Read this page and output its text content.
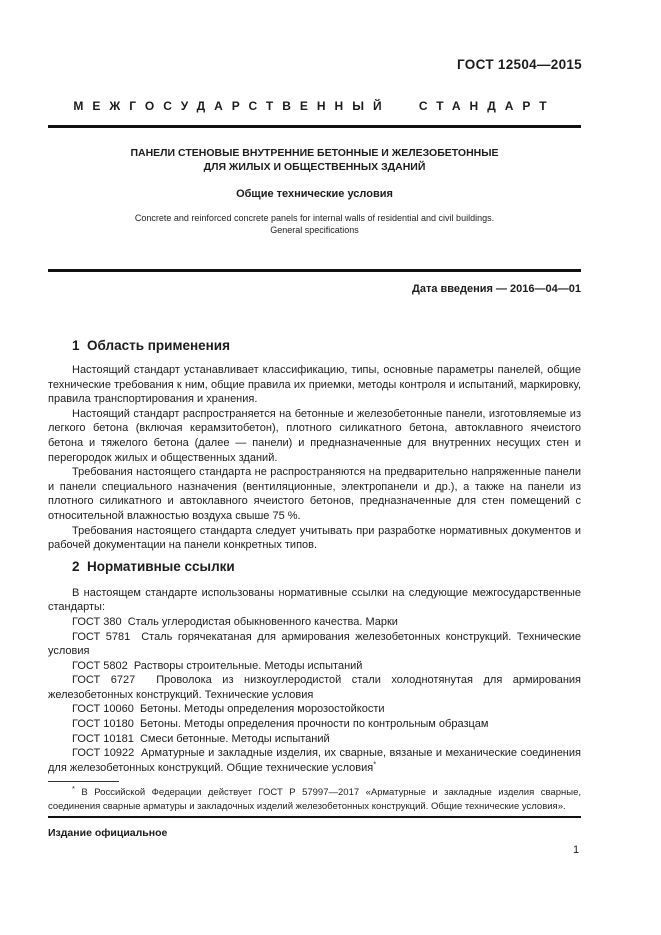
ГОСТ 12504—2015
МЕЖГОСУДАРСТВЕННЫЙ СТАНДАРТ
ПАНЕЛИ СТЕНОВЫЕ ВНУТРЕННИЕ БЕТОННЫЕ И ЖЕЛЕЗОБЕТОННЫЕ
ДЛЯ ЖИЛЫХ И ОБЩЕСТВЕННЫХ ЗДАНИЙ
Общие технические условия
Concrete and reinforced concrete panels for internal walls of residential and civil buildings.
General specifications
Дата введения — 2016—04—01
1  Область применения

Настоящий стандарт устанавливает классификацию, типы, основные параметры панелей, общие технические требования к ним, общие правила их приемки, методы контроля и испытаний, маркировку, правила транспортирования и хранения.

Настоящий стандарт распространяется на бетонные и железобетонные панели, изготовляемые из легкого бетона (включая керамзитобетон), плотного силикатного бетона, автоклавного ячеистого бетона и тяжелого бетона (далее — панели) и предназначенные для внутренних несущих стен и перегородок жилых и общественных зданий.

Требования настоящего стандарта не распространяются на предварительно напряженные панели и панели специального назначения (вентиляционные, электропанели и др.), а также на панели из плотного силикатного и автоклавного ячеистого бетонов, предназначенные для стен помещений с относительной влажностью воздуха свыше 75 %.

Требования настоящего стандарта следует учитывать при разработке нормативных документов и рабочей документации на панели конкретных типов.

2  Нормативные ссылки

В настоящем стандарте использованы нормативные ссылки на следующие межгосударственные стандарты:

ГОСТ 380  Сталь углеродистая обыкновенного качества. Марки

ГОСТ 5781  Сталь горячекатаная для армирования железобетонных конструкций. Технические условия

ГОСТ 5802  Растворы строительные. Методы испытаний

ГОСТ 6727  Проволока из низкоуглеродистой стали холоднотянутая для армирования железобетонных конструкций. Технические условия

ГОСТ 10060  Бетоны. Методы определения морозостойкости

ГОСТ 10180  Бетоны. Методы определения прочности по контрольным образцам

ГОСТ 10181  Смеси бетонные. Методы испытаний

ГОСТ 10922  Арматурные и закладные изделия, их сварные, вязаные и механические соединения для железобетонных конструкций. Общие технические условия*

* В Российской Федерации действует ГОСТ Р 57997—2017 «Арматурные и закладные изделия сварные, соединения сварные арматуры и закладочных изделий железобетонных конструкций. Общие технические условия».

Издание официальное
1
